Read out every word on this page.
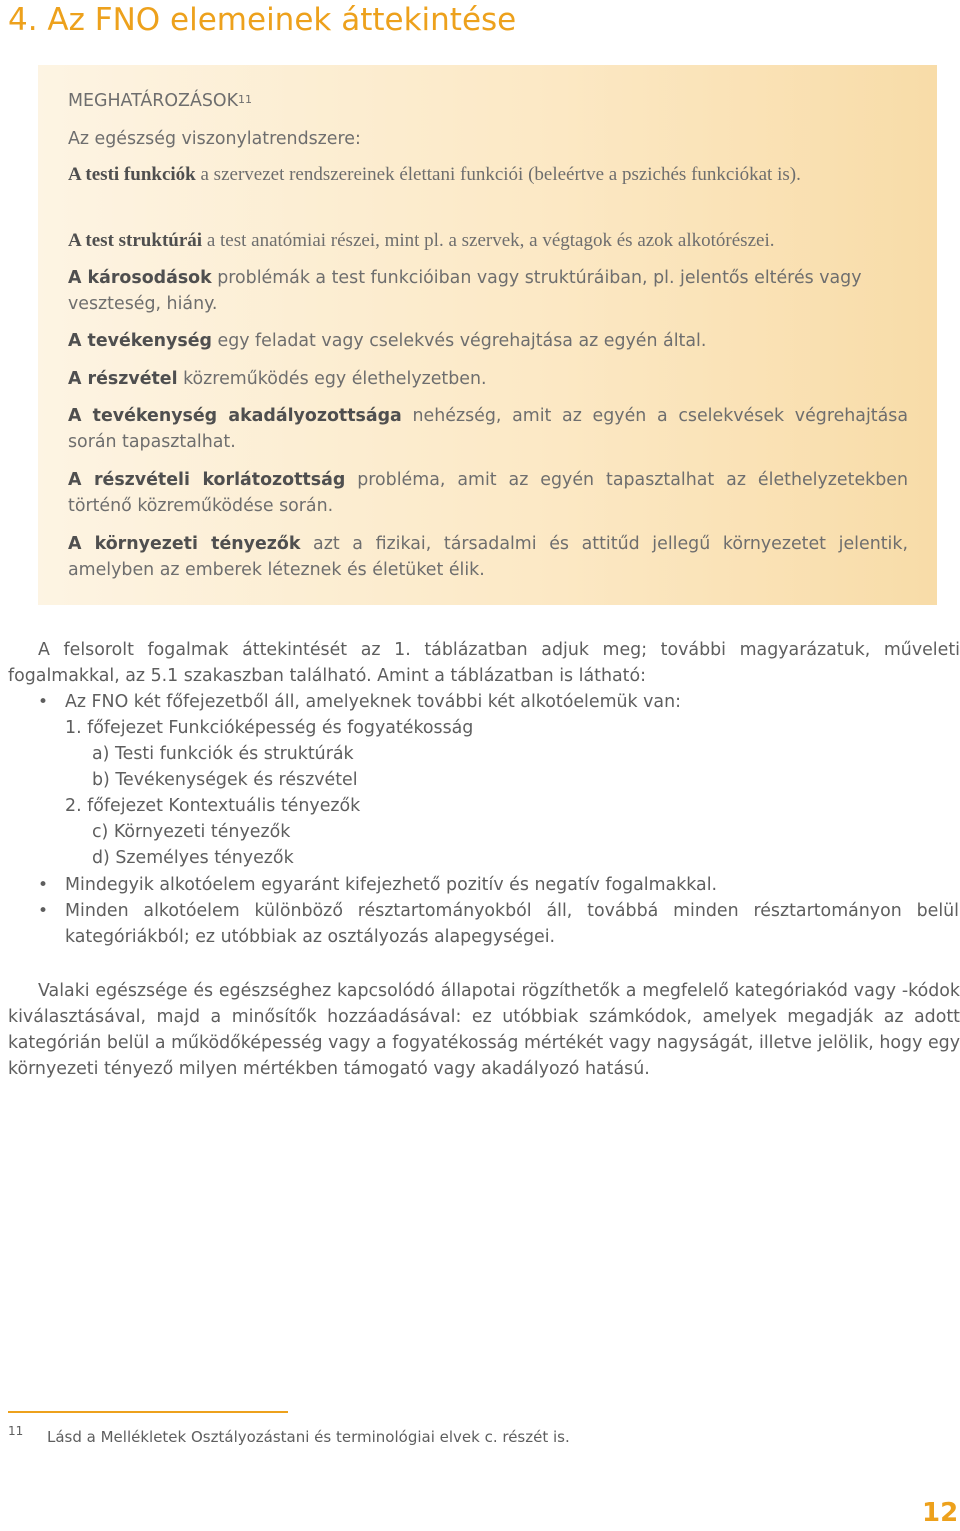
4. Az FNO elemeinek áttekintése
MEGHATÁROZÁSOK$^{11}$
Az egészség viszonylatrendszere:
A testi funkciók a szervezet rendszereinek élettani funkciói (beleértve a pszichés funkciókat is).
A test struktúrái a test anatómiai részei, mint pl. a szervek, a végtagok és azok alkotórészei.
A károsodások problémák a test funkcióiban vagy struktúráiban, pl. jelentős eltérés vagy veszteség, hiány.
A tevékenység egy feladat vagy cselekvés végrehajtása az egyén által.
A részvétel közreműködés egy élethelyzetben.
A tevékenység akadályozottsága nehézség, amit az egyén a cselekvések végrehajtása során tapasztalhat.
A részvételi korlátozottság probléma, amit az egyén tapasztalhat az élethelyzetekben történő közreműködése során.
A környezeti tényezők azt a fizikai, társadalmi és attitűd jellegű környezetet jelentik, amelyben az emberek léteznek és életüket élik.
A felsorolt fogalmak áttekintését az 1. táblázatban adjuk meg; további magyarázatuk, műveleti fogalmakkal, az 5.1 szakaszban található. Amint a táblázatban is látható:
• Az FNO két főfejezetből áll, amelyeknek további két alkotóelemük van:
1. főfejezet Funkcióképesség és fogyatékosság
a) Testi funkciók és struktúrák
b) Tevékenységek és részvétel
2. főfejezet Kontextuális tényezők
c) Környezeti tényezők
d) Személyes tényezők
• Mindegyik alkotóelem egyaránt kifejezhető pozitív és negatív fogalmakkal.
• Minden alkotóelem különböző résztartományokból áll, továbbá minden résztartományon belül kategóriákból; ez utóbbiak az osztályozás alapegységei.
Valaki egészsége és egészséghez kapcsolódó állapotai rögzíthetők a megfelelő kategóriakód vagy -kódok kiválasztásával, majd a minősítők hozzáadásával: ez utóbbiak számkódok, amelyek megadják az adott kategórián belül a működőképesség vagy a fogyatékosság mértékét vagy nagyságát, illetve jelölik, hogy egy környezeti tényező milyen mértékben támogató vagy akadályozó hatású.
11 Lásd a Mellékletek Osztályozástani és terminológiai elvek c. részét is.
12
